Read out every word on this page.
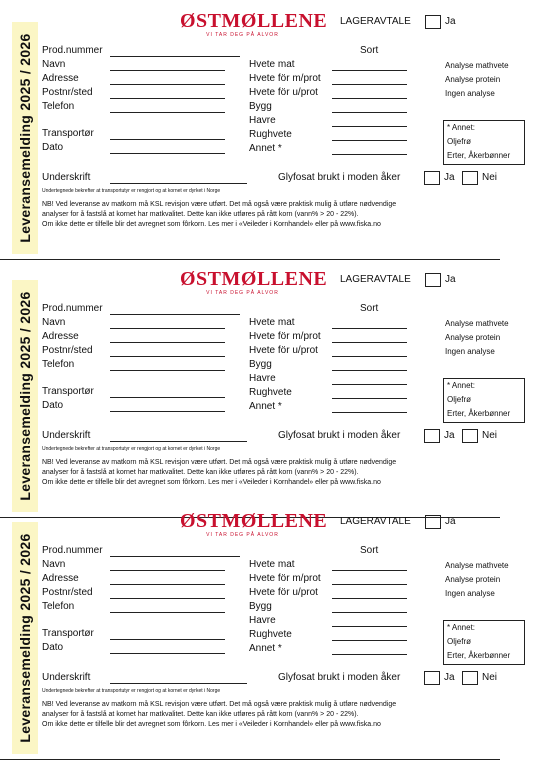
Leveransemelding 2025 / 2026
ØSTMØLLENE
VI TAR DEG PÅ ALVOR
LAGERAVTALE	Ja
Sort
Prod.nummer
Navn
Adresse
Postnr/sted
Telefon
Transportør
Dato
Hvete mat
Hvete för m/prot
Hvete för u/prot
Bygg
Havre
Rughvete
Annet *
Analyse mathvete
Analyse protein
Ingen analyse
* Annet:
Oljefrø
Erter, Åkerbønner
Underskrift	Glyfosat brukt i moden åker	Ja	Nei
Undertegnede bekrefter at transportutyr er rengjort og at kornet er dyrket i Norge
NB! Ved leveranse av matkorn må KSL revisjon være utført. Det må også være praktisk mulig å utføre nødvendige
analyser for å fastslå at kornet har matkvalitet. Dette kan ikke utføres på rått korn (vann% > 20 - 22%).
Om ikke dette er tilfelle blir det avregnet som fôrkorn. Les mer i «Veileder i Kornhandel» eller på www.fiska.no
Leveransemelding 2025 / 2026
ØSTMØLLENE
VI TAR DEG PÅ ALVOR
LAGERAVTALE	Ja
Sort
Prod.nummer
Navn
Adresse
Postnr/sted
Telefon
Transportør
Dato
Hvete mat
Hvete för m/prot
Hvete för u/prot
Bygg
Havre
Rughvete
Annet *
Analyse mathvete
Analyse protein
Ingen analyse
* Annet:
Oljefrø
Erter, Åkerbønner
Underskrift	Glyfosat brukt i moden åker	Ja	Nei
Undertegnede bekrefter at transportutyr er rengjort og at kornet er dyrket i Norge
NB! Ved leveranse av matkorn må KSL revisjon være utført. Det må også være praktisk mulig å utføre nødvendige
analyser for å fastslå at kornet har matkvalitet. Dette kan ikke utføres på rått korn (vann% > 20 - 22%).
Om ikke dette er tilfelle blir det avregnet som fôrkorn. Les mer i «Veileder i Kornhandel» eller på www.fiska.no
Leveransemelding 2025 / 2026
ØSTMØLLENE
VI TAR DEG PÅ ALVOR
LAGERAVTALE	Ja
Sort
Prod.nummer
Navn
Adresse
Postnr/sted
Telefon
Transportør
Dato
Hvete mat
Hvete för m/prot
Hvete för u/prot
Bygg
Havre
Rughvete
Annet *
Analyse mathvete
Analyse protein
Ingen analyse
* Annet:
Oljefrø
Erter, Åkerbønner
Underskrift	Glyfosat brukt i moden åker	Ja	Nei
Undertegnede bekrefter at transportutyr er rengjort og at kornet er dyrket i Norge
NB! Ved leveranse av matkorn må KSL revisjon være utført. Det må også være praktisk mulig å utføre nødvendige
analyser for å fastslå at kornet har matkvalitet. Dette kan ikke utføres på rått korn (vann% > 20 - 22%).
Om ikke dette er tilfelle blir det avregnet som fôrkorn. Les mer i «Veileder i Kornhandel» eller på www.fiska.no
